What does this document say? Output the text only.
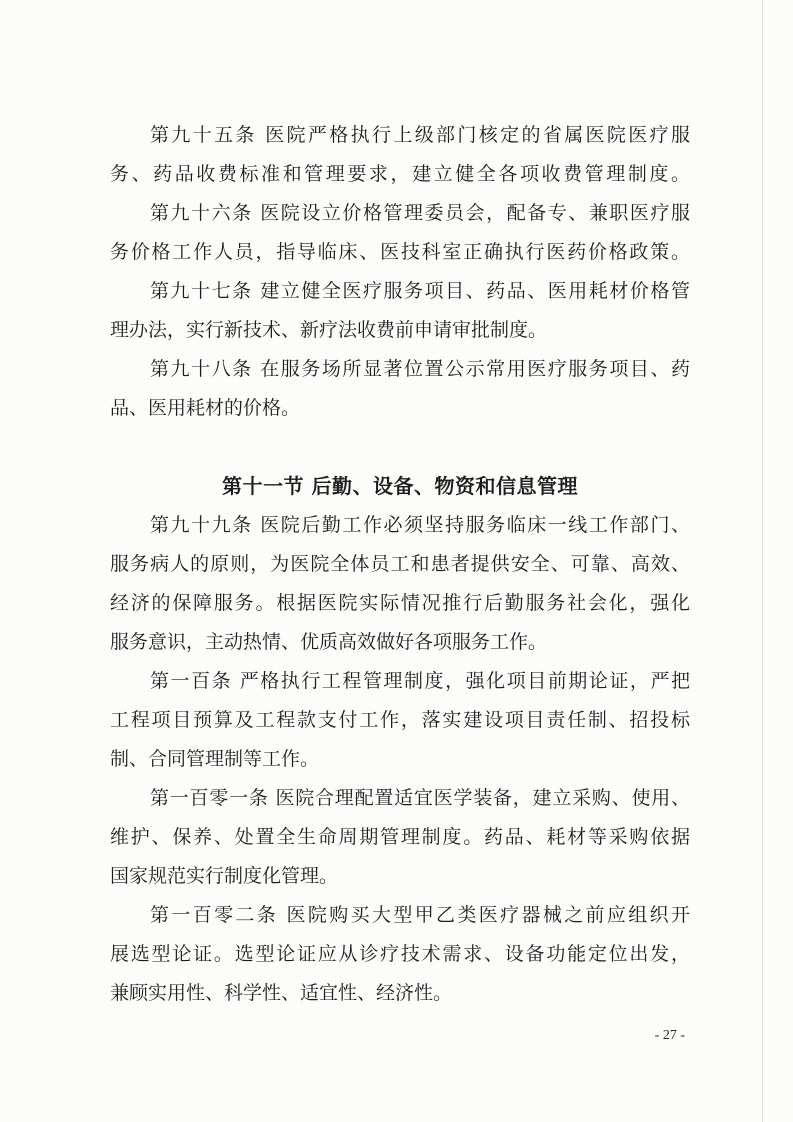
第九十五条 医院严格执行上级部门核定的省属医院医疗服
务、药品收费标准和管理要求，建立健全各项收费管理制度。
第九十六条 医院设立价格管理委员会，配备专、兼职医疗服
务价格工作人员，指导临床、医技科室正确执行医药价格政策。
第九十七条 建立健全医疗服务项目、药品、医用耗材价格管
理办法，实行新技术、新疗法收费前申请审批制度。
第九十八条 在服务场所显著位置公示常用医疗服务项目、药
品、医用耗材的价格。
第十一节 后勤、设备、物资和信息管理
第九十九条 医院后勤工作必须坚持服务临床一线工作部门、
服务病人的原则，为医院全体员工和患者提供安全、可靠、高效、
经济的保障服务。根据医院实际情况推行后勤服务社会化，强化
服务意识，主动热情、优质高效做好各项服务工作。
第一百条 严格执行工程管理制度，强化项目前期论证，严把
工程项目预算及工程款支付工作，落实建设项目责任制、招投标
制、合同管理制等工作。
第一百零一条 医院合理配置适宜医学装备，建立采购、使用、
维护、保养、处置全生命周期管理制度。药品、耗材等采购依据
国家规范实行制度化管理。
第一百零二条 医院购买大型甲乙类医疗器械之前应组织开
展选型论证。选型论证应从诊疗技术需求、设备功能定位出发，
兼顾实用性、科学性、适宜性、经济性。
- 27 -
